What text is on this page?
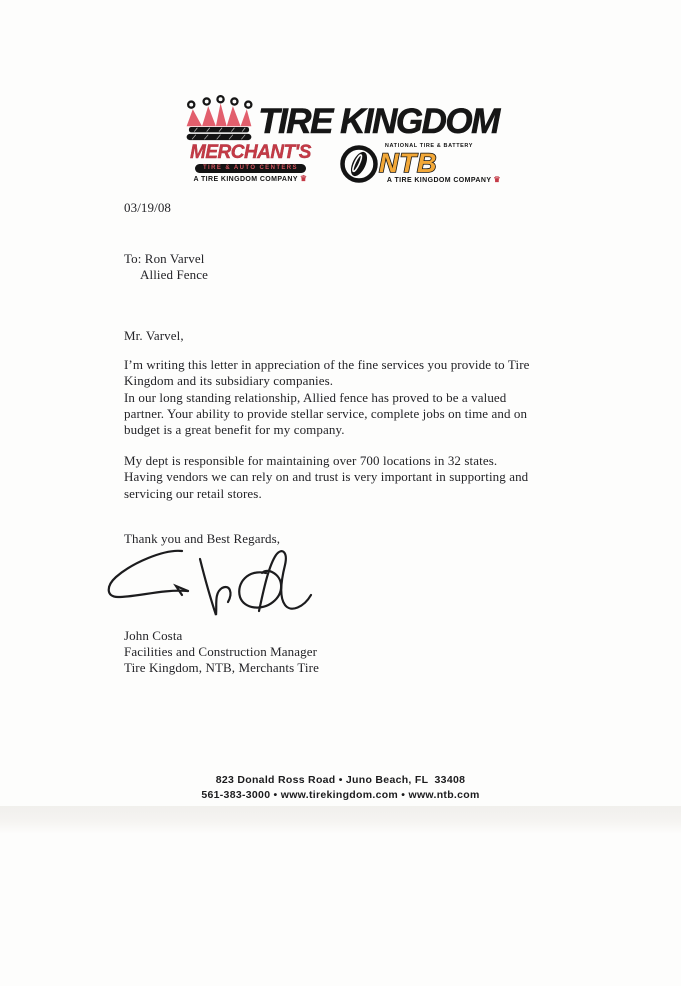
TIRE KINGDOM
MERCHANT'S
TIRE & AUTO CENTERS
A TIRE KINGDOM COMPANY ♛
NATIONAL TIRE & BATTERY
NTB
A TIRE KINGDOM COMPANY ♛
03/19/08
To: Ron Varvel
Allied Fence
Mr. Varvel,
I’m writing this letter in appreciation of the fine services you provide to Tire
Kingdom and its subsidiary companies.
In our long standing relationship, Allied fence has proved to be a valued
partner. Your ability to provide stellar service, complete jobs on time and on
budget is a great benefit for my company.
My dept is responsible for maintaining over 700 locations in 32 states.
Having vendors we can rely on and trust is very important in supporting and
servicing our retail stores.
Thank you and Best Regards,
John Costa
Facilities and Construction Manager
Tire Kingdom, NTB, Merchants Tire
823 Donald Ross Road • Juno Beach, FL  33408
561-383-3000 • www.tirekingdom.com • www.ntb.com
